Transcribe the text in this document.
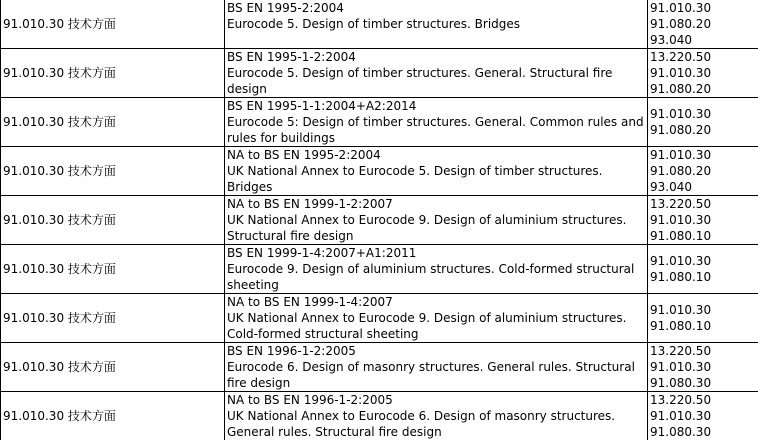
91.010.30 技术方面	BS EN 1995-2:2004
Eurocode 5. Design of timber structures. Bridges	91.010.30
91.080.20
93.040

91.010.30 技术方面	BS EN 1995-1-2:2004
Eurocode 5. Design of timber structures. General. Structural fire design	13.220.50
91.010.30
91.080.20

91.010.30 技术方面	BS EN 1995-1-1:2004+A2:2014
Eurocode 5: Design of timber structures. General. Common rules and rules for buildings	91.010.30
91.080.20

91.010.30 技术方面	NA to BS EN 1995-2:2004
UK National Annex to Eurocode 5. Design of timber structures. Bridges	91.010.30
91.080.20
93.040

91.010.30 技术方面	NA to BS EN 1999-1-2:2007
UK National Annex to Eurocode 9. Design of aluminium structures. Structural fire design	13.220.50
91.010.30
91.080.10

91.010.30 技术方面	BS EN 1999-1-4:2007+A1:2011
Eurocode 9. Design of aluminium structures. Cold-formed structural sheeting	91.010.30
91.080.10

91.010.30 技术方面	NA to BS EN 1999-1-4:2007
UK National Annex to Eurocode 9. Design of aluminium structures. Cold-formed structural sheeting	91.010.30
91.080.10

91.010.30 技术方面	BS EN 1996-1-2:2005
Eurocode 6. Design of masonry structures. General rules. Structural fire design	13.220.50
91.010.30
91.080.30

91.010.30 技术方面	NA to BS EN 1996-1-2:2005
UK National Annex to Eurocode 6. Design of masonry structures. General rules. Structural fire design	13.220.50
91.010.30
91.080.30
